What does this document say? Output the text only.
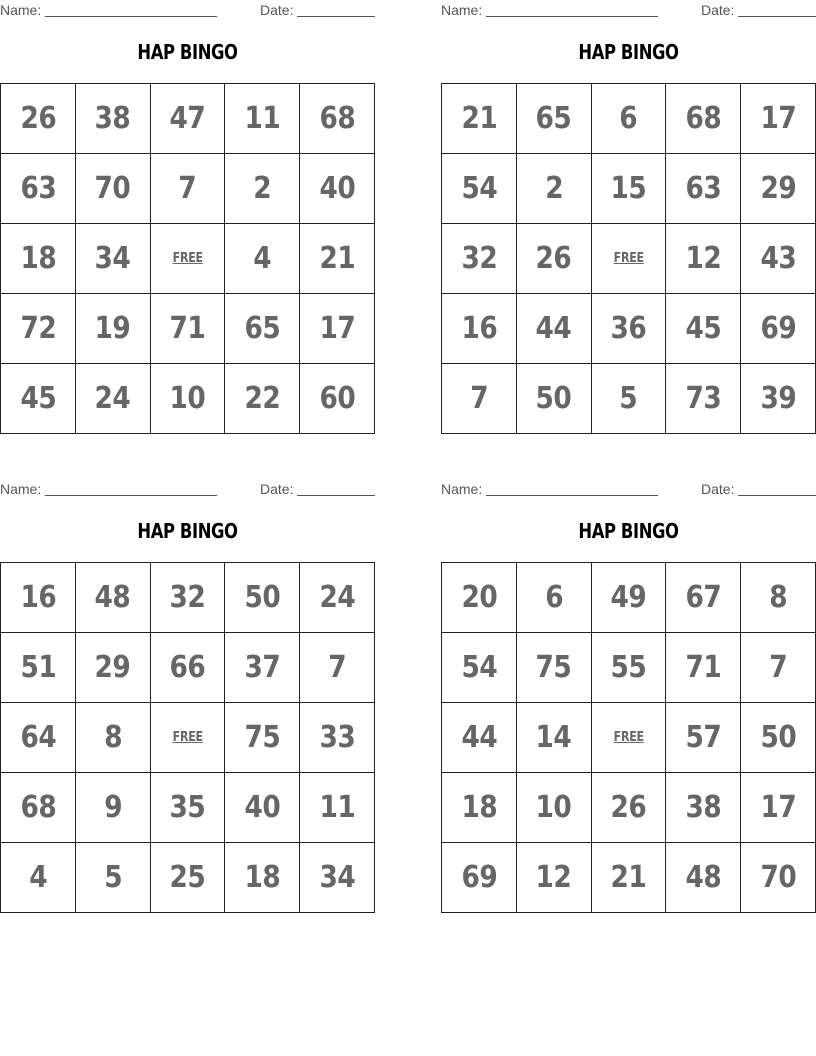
Name:	Date:
HAP BINGO
26 38 47 11 68
63 70 7 2 40
18 34	FREE 4 21
72 19 71 65 17
45 24 10 22 60
Name:	Date:
HAP BINGO
21 65 6 68 17
54 2 15 63 29
32 26	FREE 12 43
16 44 36 45 69
7 50 5 73 39
Name:	Date:
HAP BINGO
16 48 32 50 24
51 29 66 37 7
64 8	FREE 75 33
68 9 35 40 11
4 5 25 18 34
Name:	Date:
HAP BINGO
20 6 49 67 8
54 75 55 71 7
44 14	FREE 57 50
18 10 26 38 17
69 12 21 48 70
